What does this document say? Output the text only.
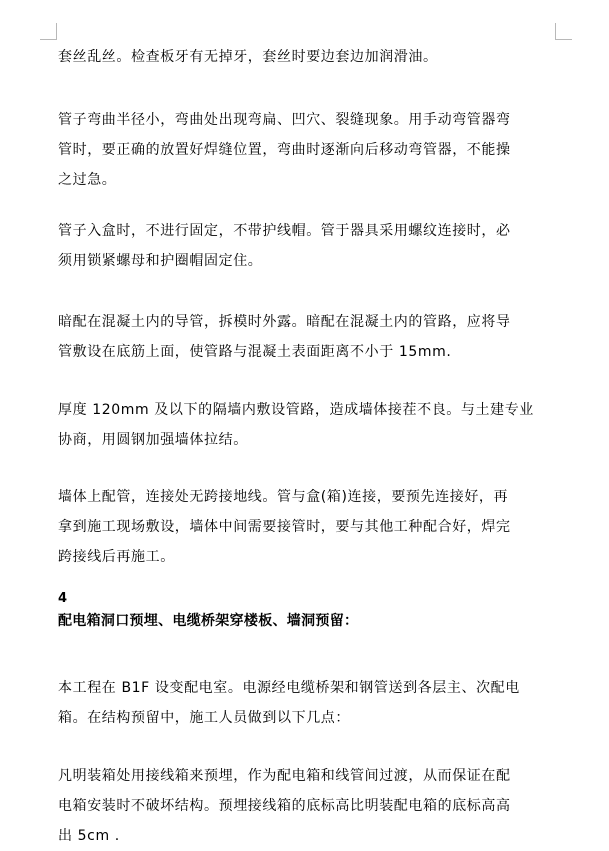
套丝乱丝。检查板牙有无掉牙，套丝时要边套边加润滑油。

管子弯曲半径小，弯曲处出现弯扁、凹穴、裂缝现象。用手动弯管器弯
管时，要正确的放置好焊缝位置，弯曲时逐渐向后移动弯管器，不能操
之过急。

管子入盒时，不进行固定，不带护线帽。管于器具采用螺纹连接时，必
须用锁紧螺母和护圈帽固定住。

暗配在混凝土内的导管，拆模时外露。暗配在混凝土内的管路，应将导
管敷设在底筋上面，使管路与混凝土表面距离不小于 15mm.

厚度 120mm 及以下的隔墙内敷设管路，造成墙体接茬不良。与土建专业
协商，用圆钢加强墙体拉结。

墙体上配管，连接处无跨接地线。管与盒(箱)连接，要预先连接好，再
拿到施工现场敷设，墙体中间需要接管时，要与其他工种配合好，焊完
跨接线后再施工。

4

配电箱洞口预埋、电缆桥架穿楼板、墙洞预留：

本工程在 B1F 设变配电室。电源经电缆桥架和钢管送到各层主、次配电
箱。在结构预留中，施工人员做到以下几点：

凡明装箱处用接线箱来预埋，作为配电箱和线管间过渡，从而保证在配
电箱安装时不破坏结构。预埋接线箱的底标高比明装配电箱的底标高高
出 5cm .
